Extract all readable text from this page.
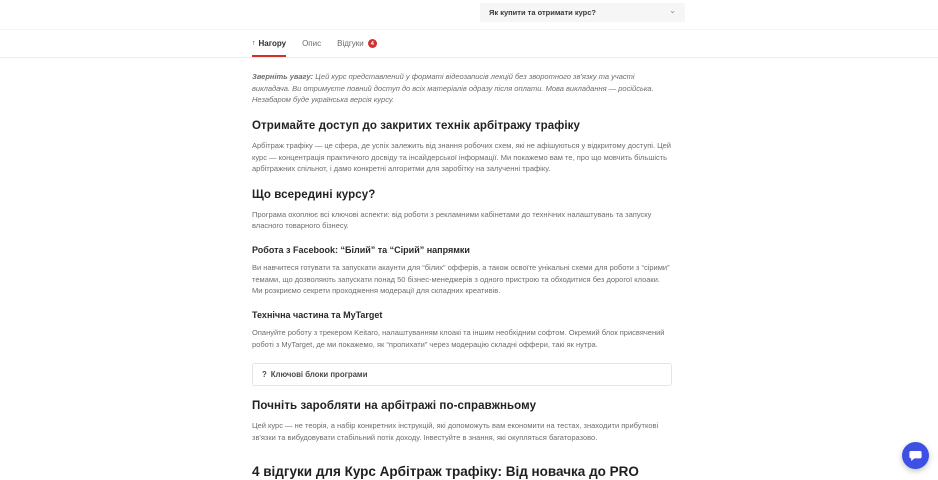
Як купити та отримати курс?	⌄
↑ Нагору Опис Відгуки	4

Зверніть увагу: Цей курс представлений у форматі відеозаписів лекцій без зворотного зв'язку та участі викладача. Ви отримуєте повний доступ до всіх матеріалів одразу після оплати. Мова викладання — російська. Незабаром буде українська версія курсу.

Отримайте доступ до закритих технік арбітражу трафіку

Арбітраж трафіку — це сфера, де успіх залежить від знання робочих схем, які не афішуються у відкритому доступі. Цей курс — концентрація практичного досвіду та інсайдерської інформації. Ми покажемо вам те, про що мовчить більшість арбітражних спільнот, і дамо конкретні алгоритми для заробітку на залученні трафіку.

Що всередині курсу?

Програма охоплює всі ключові аспекти: від роботи з рекламними кабінетами до технічних налаштувань та запуску власного товарного бізнесу.

Робота з Facebook: “Білий” та “Сірий” напрямки

Ви навчитеся готувати та запускати акаунти для “білих” офферів, а також освоїте унікальні схеми для роботи з “сірими” темами, що дозволяють запускати понад 50 бізнес-менеджерів з одного пристрою та обходитися без дорогої клоаки. Ми розкриємо секрети проходження модерації для складних креативів.

Технічна частина та MyTarget

Опануйте роботу з трекером Keitaro, налаштуванням клоакі та іншим необхідним софтом. Окремий блок присвячений роботі з MyTarget, де ми покажемо, як “пропихати” через модерацію складні оффери, такі як нутра.

? Ключові блоки програми
Почніть заробляти на арбітражі по-справжньому

Цей курс — не теорія, а набір конкретних інструкцій, які допоможуть вам економити на тестах, знаходити прибуткові зв'язки та вибудовувати стабільний потік доходу. Інвестуйте в знання, які окупляться багаторазово.

4 відгуки для Курс Арбітраж трафіку: Від новачка до PRO
